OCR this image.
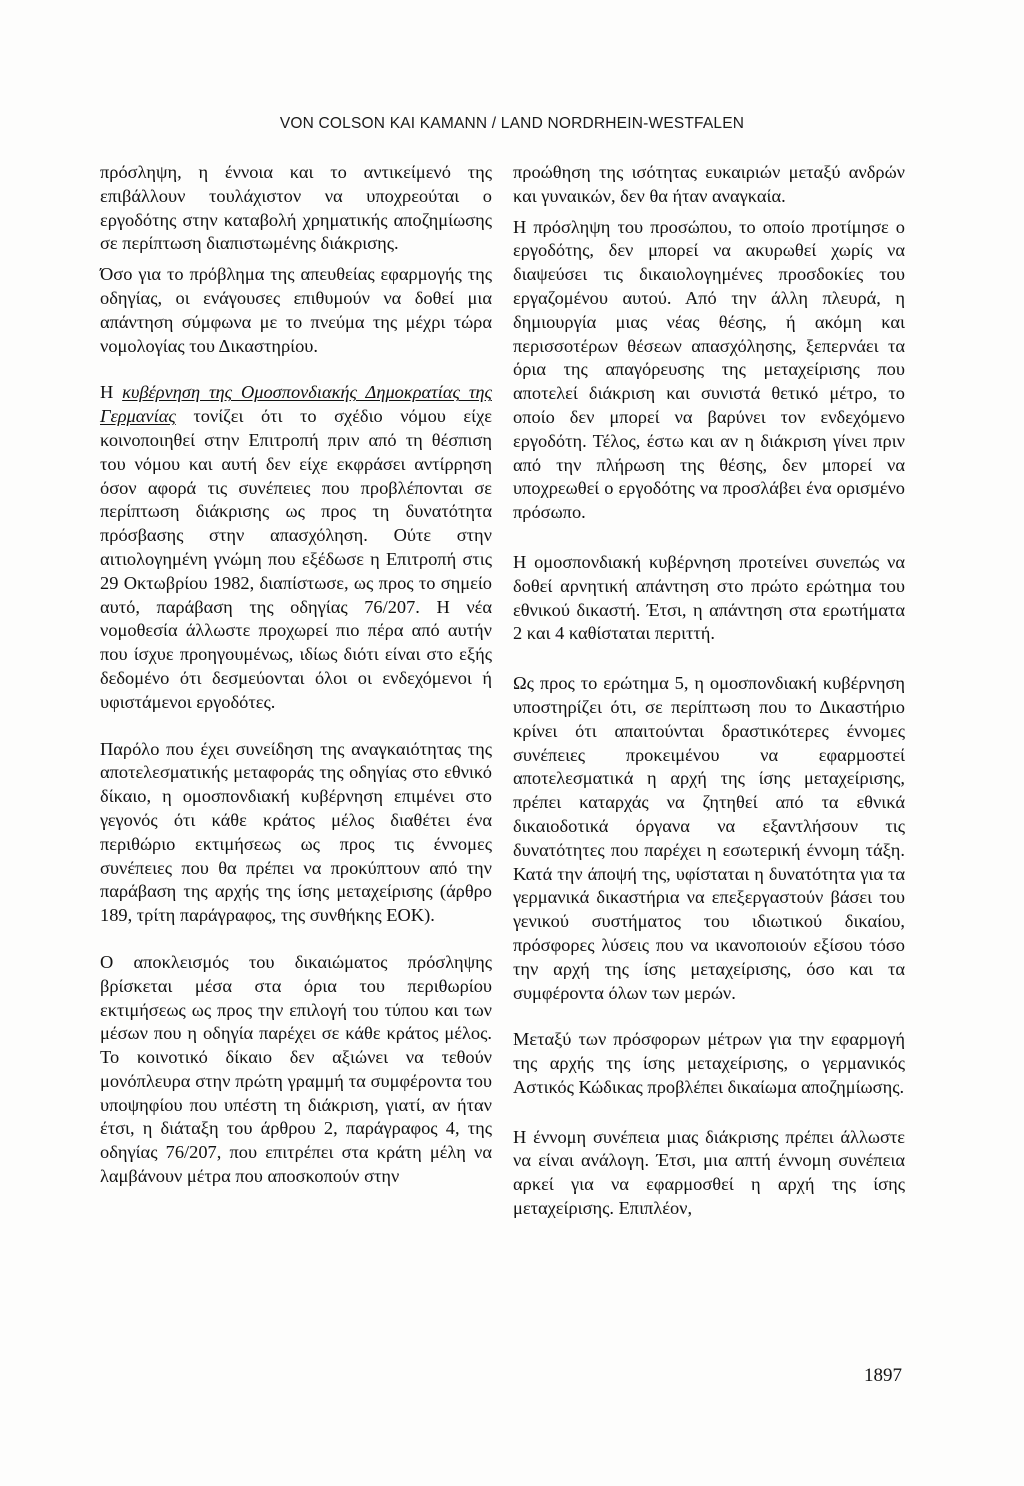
VON COLSON KAI KAMANN / LAND NORDRHEIN-WESTFALEN

πρόσληψη, η έννοια και το αντικείμενό της επιβάλλουν τουλάχιστον να υποχρεούται ο εργοδότης στην καταβολή χρηματικής αποζημίωσης σε περίπτωση διαπιστωμένης διάκρισης.

Όσο για το πρόβλημα της απευθείας εφαρμογής της οδηγίας, οι ενάγουσες επιθυμούν να δοθεί μια απάντηση σύμφωνα με το πνεύμα της μέχρι τώρα νομολογίας του Δικαστηρίου.

Η κυβέρνηση της Ομοσπονδιακής Δημοκρατίας της Γερμανίας τονίζει ότι το σχέδιο νόμου είχε κοινοποιηθεί στην Επιτροπή πριν από τη θέσπιση του νόμου και αυτή δεν είχε εκφράσει αντίρρηση όσον αφορά τις συνέπειες που προβλέπονται σε περίπτωση διάκρισης ως προς τη δυνατότητα πρόσβασης στην απασχόληση. Ούτε στην αιτιολογημένη γνώμη που εξέδωσε η Επιτροπή στις 29 Οκτωβρίου 1982, διαπίστωσε, ως προς το σημείο αυτό, παράβαση της οδηγίας 76/207. Η νέα νομοθεσία άλλωστε προχωρεί πιο πέρα από αυτήν που ίσχυε προηγουμένως, ιδίως διότι είναι στο εξής δεδομένο ότι δεσμεύονται όλοι οι ενδεχόμενοι ή υφιστάμενοι εργοδότες.

Παρόλο που έχει συνείδηση της αναγκαιότητας της αποτελεσματικής μεταφοράς της οδηγίας στο εθνικό δίκαιο, η ομοσπονδιακή κυβέρνηση επιμένει στο γεγονός ότι κάθε κράτος μέλος διαθέτει ένα περιθώριο εκτιμήσεως ως προς τις έννομες συνέπειες που θα πρέπει να προκύπτουν από την παράβαση της αρχής της ίσης μεταχείρισης (άρθρο 189, τρίτη παράγραφος, της συνθήκης ΕΟΚ).

Ο αποκλεισμός του δικαιώματος πρόσληψης βρίσκεται μέσα στα όρια του περιθωρίου εκτιμήσεως ως προς την επιλογή του τύπου και των μέσων που η οδηγία παρέχει σε κάθε κράτος μέλος. Το κοινοτικό δίκαιο δεν αξιώνει να τεθούν μονόπλευρα στην πρώτη γραμμή τα συμφέροντα του υποψηφίου που υπέστη τη διάκριση, γιατί, αν ήταν έτσι, η διάταξη του άρθρου 2, παράγραφος 4, της οδηγίας 76/207, που επιτρέπει στα κράτη μέλη να λαμβάνουν μέτρα που αποσκοπούν στην

προώθηση της ισότητας ευκαιριών μεταξύ ανδρών και γυναικών, δεν θα ήταν αναγκαία.

Η πρόσληψη του προσώπου, το οποίο προτίμησε ο εργοδότης, δεν μπορεί να ακυρωθεί χωρίς να διαψεύσει τις δικαιολογημένες προσδοκίες του εργαζομένου αυτού. Από την άλλη πλευρά, η δημιουργία μιας νέας θέσης, ή ακόμη και περισσοτέρων θέσεων απασχόλησης, ξεπερνάει τα όρια της απαγόρευσης της μεταχείρισης που αποτελεί διάκριση και συνιστά θετικό μέτρο, το οποίο δεν μπορεί να βαρύνει τον ενδεχόμενο εργοδότη. Τέλος, έστω και αν η διάκριση γίνει πριν από την πλήρωση της θέσης, δεν μπορεί να υποχρεωθεί ο εργοδότης να προσλάβει ένα ορισμένο πρόσωπο.

Η ομοσπονδιακή κυβέρνηση προτείνει συνεπώς να δοθεί αρνητική απάντηση στο πρώτο ερώτημα του εθνικού δικαστή. Έτσι, η απάντηση στα ερωτήματα 2 και 4 καθίσταται περιττή.

Ως προς το ερώτημα 5, η ομοσπονδιακή κυβέρνηση υποστηρίζει ότι, σε περίπτωση που το Δικαστήριο κρίνει ότι απαιτούνται δραστικότερες έννομες συνέπειες προκειμένου να εφαρμοστεί αποτελεσματικά η αρχή της ίσης μεταχείρισης, πρέπει καταρχάς να ζητηθεί από τα εθνικά δικαιοδοτικά όργανα να εξαντλήσουν τις δυνατότητες που παρέχει η εσωτερική έννομη τάξη. Κατά την άποψή της, υφίσταται η δυνατότητα για τα γερμανικά δικαστήρια να επεξεργαστούν βάσει του γενικού συστήματος του ιδιωτικού δικαίου, πρόσφορες λύσεις που να ικανοποιούν εξίσου τόσο την αρχή της ίσης μεταχείρισης, όσο και τα συμφέροντα όλων των μερών.

Μεταξύ των πρόσφορων μέτρων για την εφαρμογή της αρχής της ίσης μεταχείρισης, ο γερμανικός Αστικός Κώδικας προβλέπει δικαίωμα αποζημίωσης.

Η έννομη συνέπεια μιας διάκρισης πρέπει άλλωστε να είναι ανάλογη. Έτσι, μια απτή έννομη συνέπεια αρκεί για να εφαρμοσθεί η αρχή της ίσης μεταχείρισης. Επιπλέον,

1897
